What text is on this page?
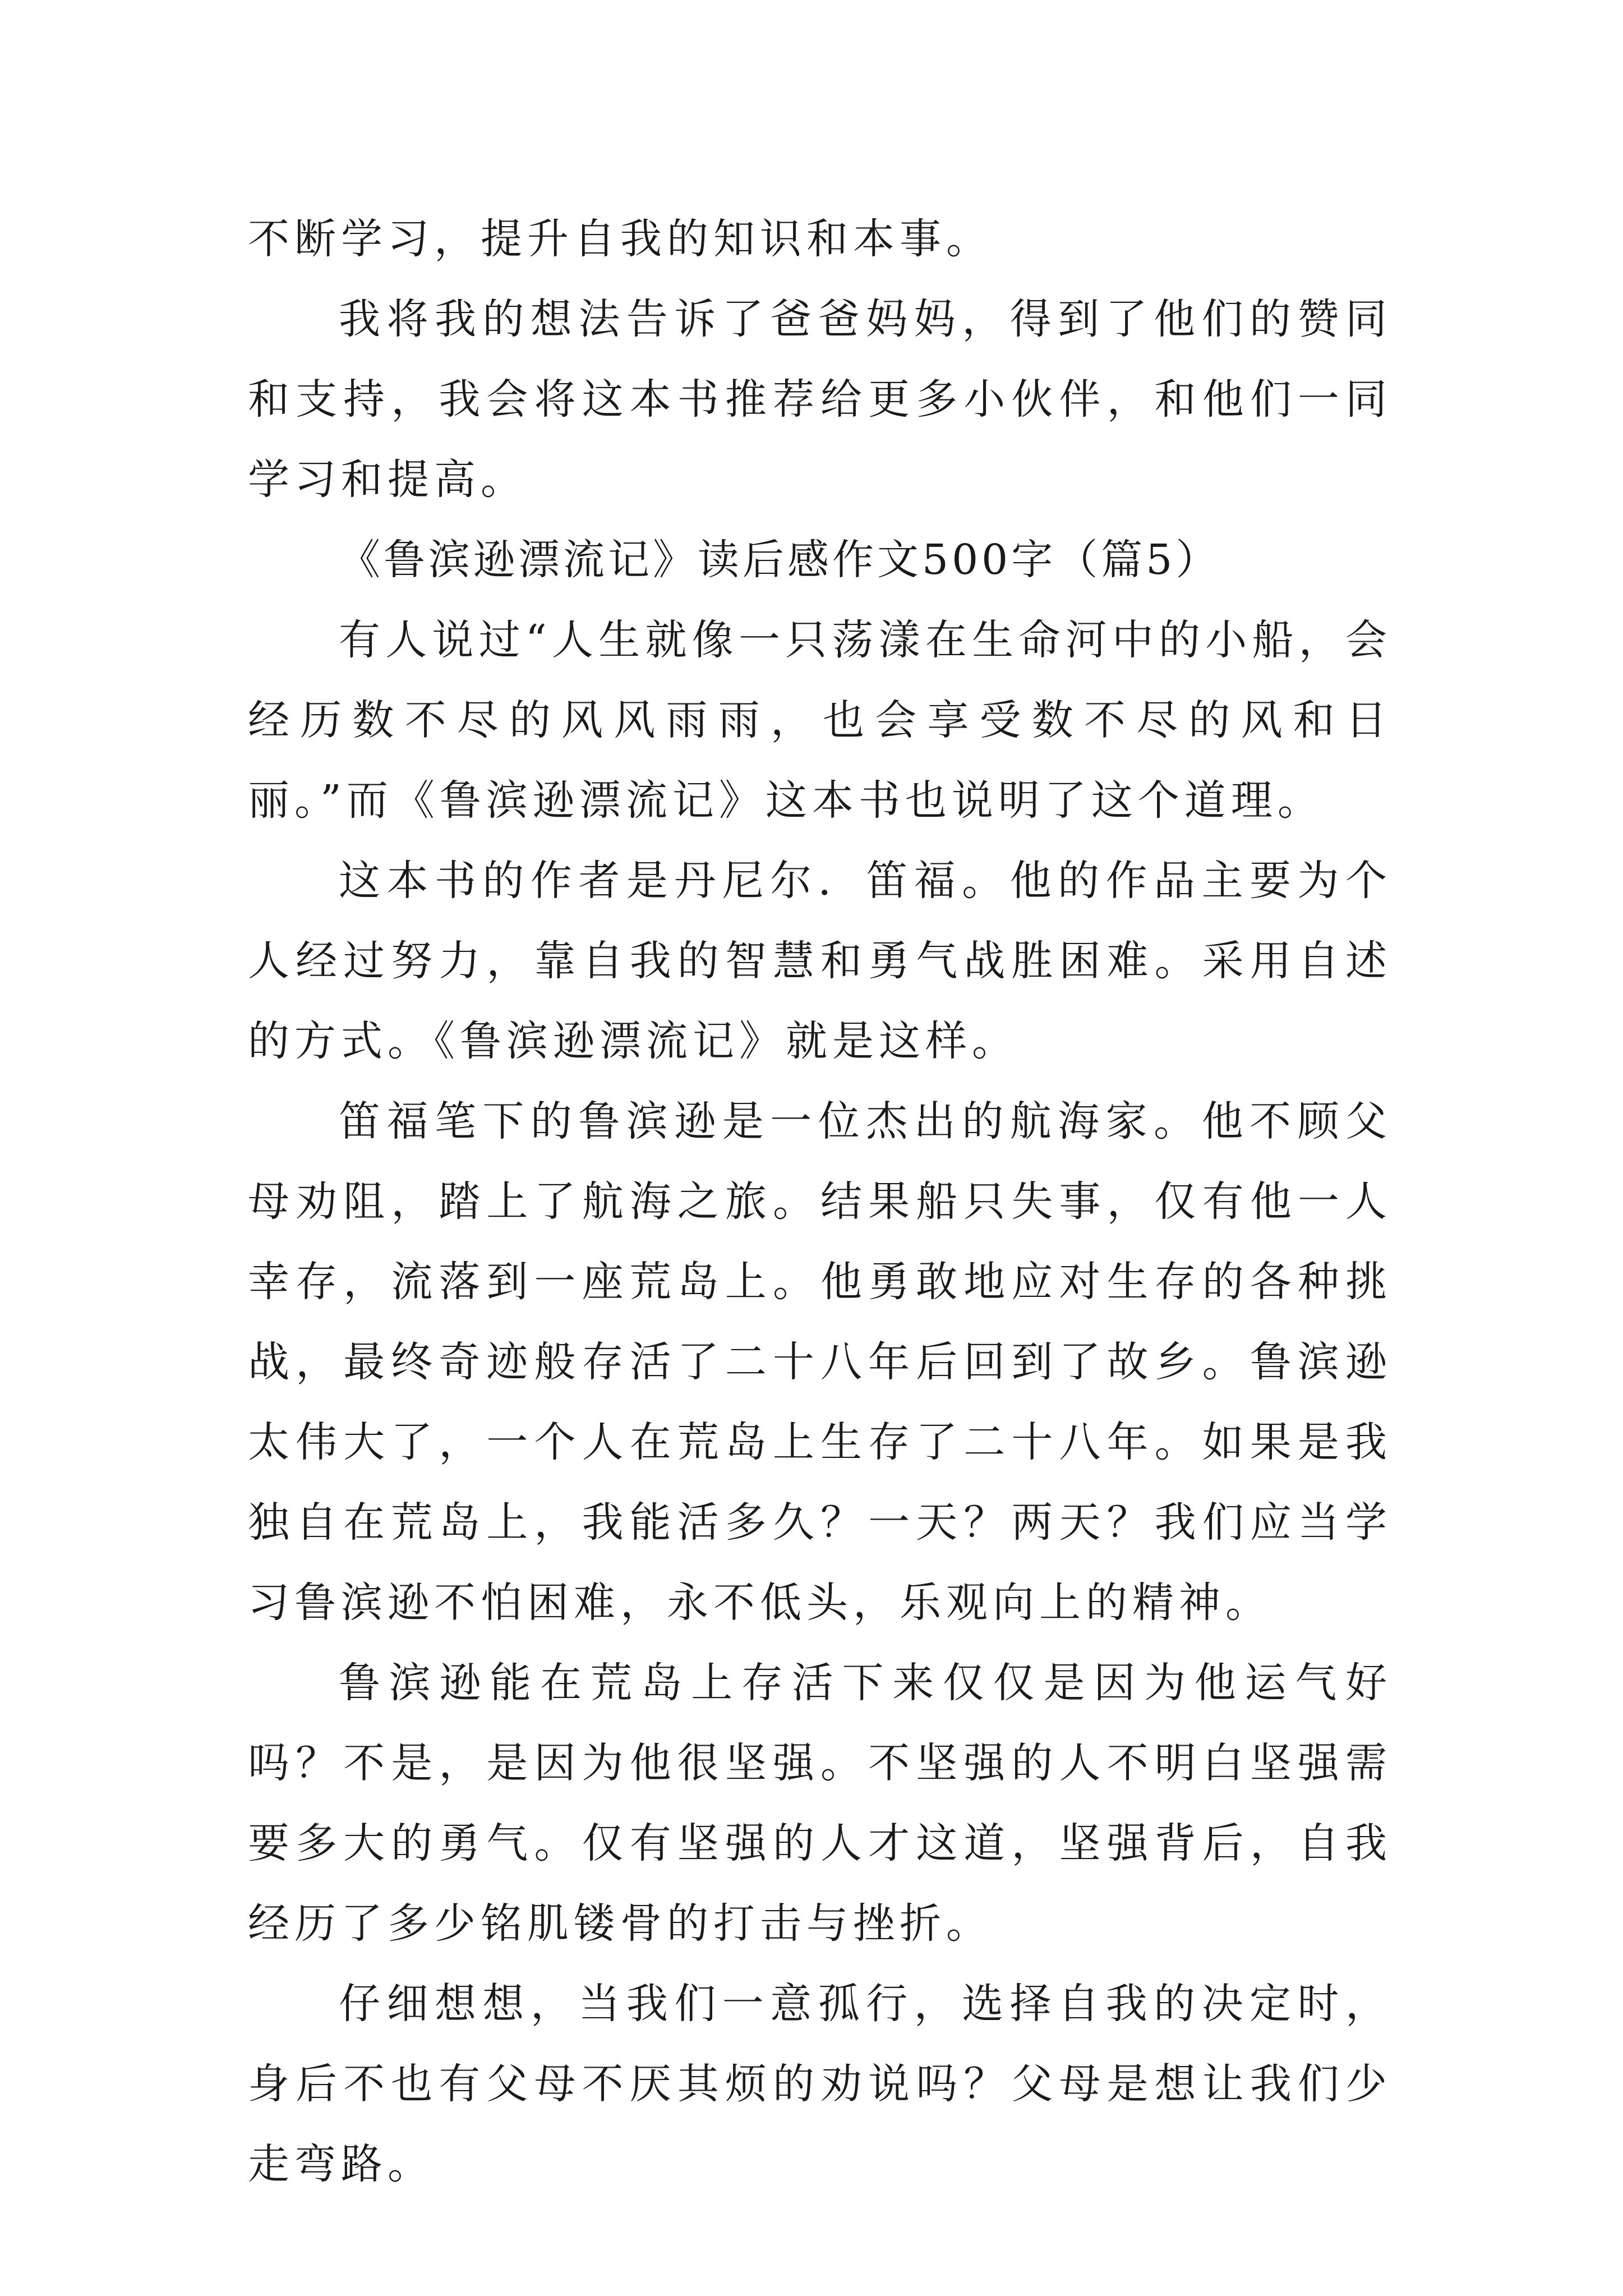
不断学习，提升自我的知识和本事。

我将我的想法告诉了爸爸妈妈，得到了他们的赞同和支持，我会将这本书推荐给更多小伙伴，和他们一同学习和提高。

《鲁滨逊漂流记》读后感作文500字（篇5）

有人说过“人生就像一只荡漾在生命河中的小船，会经历数不尽的风风雨雨，也会享受数不尽的风和日丽。”而《鲁滨逊漂流记》这本书也说明了这个道理。

这本书的作者是丹尼尔．笛福。他的作品主要为个人经过努力，靠自我的智慧和勇气战胜困难。采用自述的方式。《鲁滨逊漂流记》就是这样。

笛福笔下的鲁滨逊是一位杰出的航海家。他不顾父母劝阻，踏上了航海之旅。结果船只失事，仅有他一人幸存，流落到一座荒岛上。他勇敢地应对生存的各种挑战，最终奇迹般存活了二十八年后回到了故乡。鲁滨逊太伟大了，一个人在荒岛上生存了二十八年。如果是我独自在荒岛上，我能活多久？一天？两天？我们应当学习鲁滨逊不怕困难，永不低头，乐观向上的精神。

鲁滨逊能在荒岛上存活下来仅仅是因为他运气好吗？不是，是因为他很坚强。不坚强的人不明白坚强需要多大的勇气。仅有坚强的人才这道，坚强背后，自我经历了多少铭肌镂骨的打击与挫折。

仔细想想，当我们一意孤行，选择自我的决定时，身后不也有父母不厌其烦的劝说吗？父母是想让我们少走弯路。
